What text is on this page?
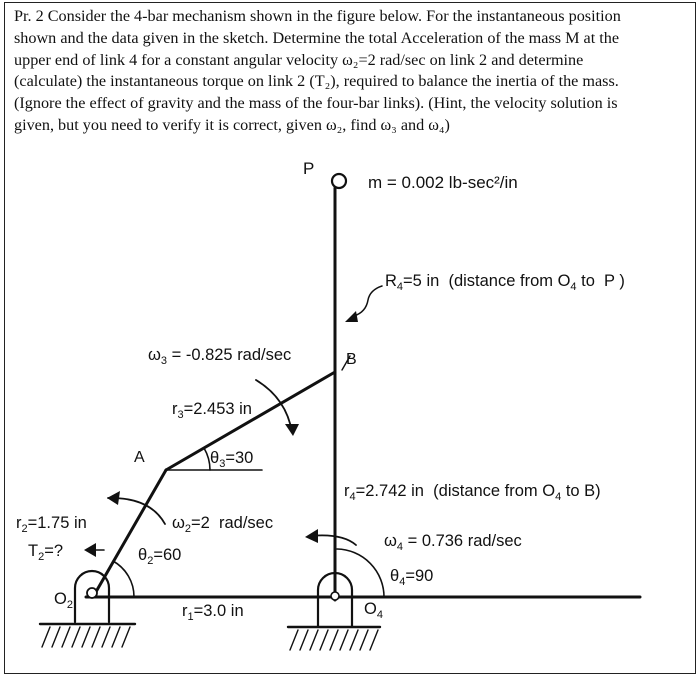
Pr. 2 Consider the 4-bar mechanism shown in the figure below. For the instantaneous position
shown and the data given in the sketch. Determine the total Acceleration of the mass M at the
upper end of link 4 for a constant angular velocity ω₂=2 rad/sec on link 2 and determine
(calculate) the instantaneous torque on link 2 (T₂), required to balance the inertia of the mass.
(Ignore the effect of gravity and the mass of the four-bar links). (Hint, the velocity solution is
given, but you need to verify it is correct, given ω₂, find ω₃ and ω₄)
P
m = 0.002 lb-sec²/in
$R_4=5$ in  (distance from $O_4$ to  P )
$\omega_3 = -0.825$ rad/sec	B
$r_3=2.453$ in
A	$\theta_3=30$
$r_4=2.742$ in  (distance from $O_4$ to B)
$r_2=1.75$ in	$\omega_2=2$  rad/sec
$\omega_4 = 0.736$ rad/sec
$T_2=$?	$\theta_2=60$
$\theta_4=90$
$O_2$	$r_1=3.0$ in	$O_4$
